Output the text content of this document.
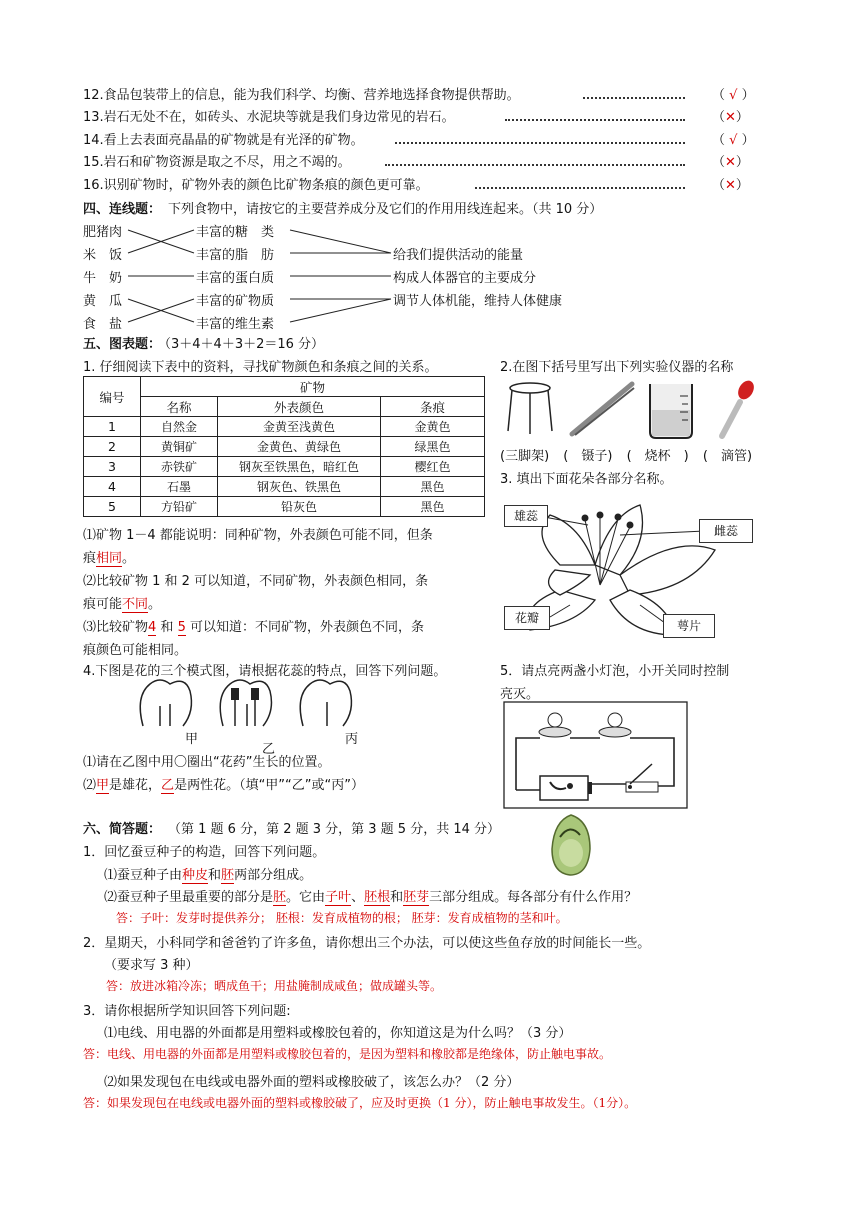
12.食品包装带上的信息，能为我们科学、均衡、营养地选择食物提供帮助。	（ √ ）
13.岩石无处不在，如砖头、水泥块等就是我们身边常见的岩石。	（✕）
14.看上去表面亮晶晶的矿物就是有光泽的矿物。	（ √ ）
15.岩石和矿物资源是取之不尽，用之不竭的。	（✕）
16.识别矿物时，矿物外表的颜色比矿物条痕的颜色更可靠。	（✕）
四、连线题： 下列食物中，请按它的主要营养成分及它们的作用用线连起来。（共 10 分）
肥猪肉
米　饭
牛　奶
黄　瓜
食　盐
丰富的糖　类
丰富的脂　肪
丰富的蛋白质
丰富的矿物质
丰富的维生素
给我们提供活动的能量
构成人体器官的主要成分
调节人体机能，维持人体健康
五、图表题：
（3＋4＋4＋3＋2＝16 分）
1. 仔细阅读下表中的资料，寻找矿物颜色和条痕之间的关系。
编号	矿物		
	名称	外表颜色	条痕
1	自然金	金黄至浅黄色	金黄色
2	黄铜矿	金黄色、黄绿色	绿黑色
3	赤铁矿	钢灰至铁黑色，暗红色	樱红色
4	石墨	钢灰色、铁黑色	黑色
5	方铅矿	铅灰色	黑色
⑴矿物 1－4 都能说明：同种矿物，外表颜色可能不同，但条
痕相同。
⑵比较矿物 1 和 2 可以知道，不同矿物，外表颜色相同，条
痕可能不同。
⑶比较矿物4 和 5 可以知道：不同矿物，外表颜色不同，条
痕颜色可能相同。
2.在图下括号里写出下列实验仪器的名称
(三脚架) (　镊子) (　烧杯　) (　滴管)
3. 填出下面花朵各部分名称。
雄蕊
雌蕊
花瓣
萼片
4.下图是花的三个模式图，请根据花蕊的特点，回答下列问题。
甲
乙
丙
⑴请在乙图中用〇圈出“花药”生长的位置。
⑵甲是雄花，乙是两性花。（填“甲”“乙”或“丙”）
5．请点亮两盏小灯泡，小开关同时控制
亮灭。
六、简答题： （第 1 题 6 分，第 2 题 3 分，第 3 题 5 分，共 14 分）
1．回忆蚕豆种子的构造，回答下列问题。
⑴蚕豆种子由种皮和胚两部分组成。
⑵蚕豆种子里最重要的部分是胚。它由子叶、胚根和胚芽三部分组成。每各部分有什么作用？
答：子叶：发芽时提供养分； 胚根：发育成植物的根； 胚芽：发育成植物的茎和叶。
2．星期天，小科同学和爸爸钓了许多鱼，请你想出三个办法，可以使这些鱼存放的时间能长一些。
（要求写 3 种）
答：放进冰箱冷冻；晒成鱼干；用盐腌制成咸鱼；做成罐头等。
3．请你根据所学知识回答下列问题:
⑴电线、用电器的外面都是用塑料或橡胶包着的，你知道这是为什么吗？（3 分）
答：电线、用电器的外面都是用塑料或橡胶包着的，是因为塑料和橡胶都是绝缘体，防止触电事故。
⑵如果发现包在电线或电器外面的塑料或橡胶破了，该怎么办？（2 分）
答：如果发现包在电线或电器外面的塑料或橡胶破了，应及时更换（1 分），防止触电事故发生。（1分）。
